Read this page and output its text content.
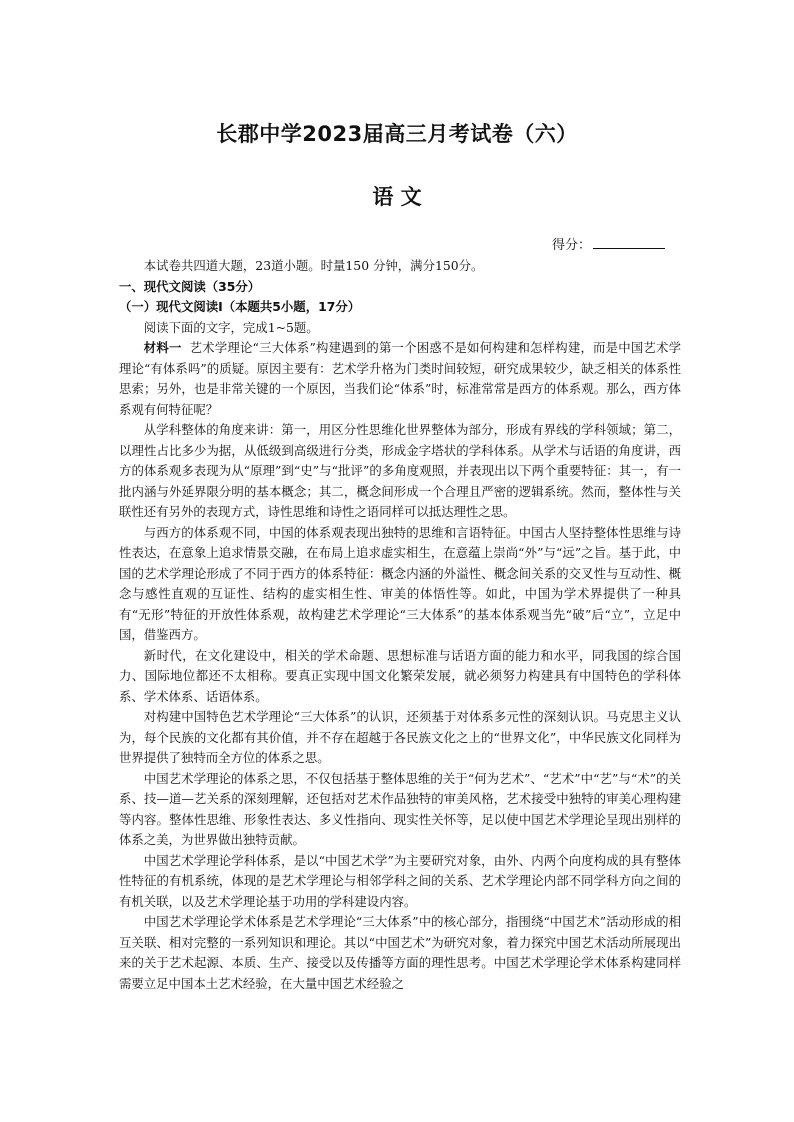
长郡中学2023届高三月考试卷（六）
语 文
得分：

本试卷共四道大题，23道小题。时量150 分钟，满分150分。

一、现代文阅读（35分）

（一）现代文阅读Ⅰ（本题共5小题，17分）

阅读下面的文字，完成1~5题。

材料一 艺术学理论“三大体系”构建遇到的第一个困惑不是如何构建和怎样构建，而是中国艺术学理论“有体系吗”的质疑。原因主要有：艺术学升格为门类时间较短，研究成果较少，缺乏相关的体系性思索；另外，也是非常关键的一个原因，当我们论“体系”时，标准常常是西方的体系观。那么，西方体系观有何特征呢？

从学科整体的角度来讲：第一，用区分性思维化世界整体为部分，形成有界线的学科领域；第二，以理性占比多少为据，从低级到高级进行分类，形成金字塔状的学科体系。从学术与话语的角度讲，西方的体系观多表现为从“原理”到“史”与“批评”的多角度观照，并表现出以下两个重要特征：其一，有一批内涵与外延界限分明的基本概念；其二，概念间形成一个合理且严密的逻辑系统。然而，整体性与关联性还有另外的表现方式，诗性思维和诗性之语同样可以抵达理性之思。

与西方的体系观不同，中国的体系观表现出独特的思维和言语特征。中国古人坚持整体性思维与诗性表达，在意象上追求情景交融，在布局上追求虚实相生，在意蕴上崇尚“外”与“远”之旨。基于此，中国的艺术学理论形成了不同于西方的体系特征：概念内涵的外溢性、概念间关系的交叉性与互动性、概念与感性直观的互证性、结构的虚实相生性、审美的体悟性等。如此，中国为学术界提供了一种具有“无形”特征的开放性体系观，故构建艺术学理论“三大体系”的基本体系观当先“破”后“立”，立足中国，借鉴西方。

新时代，在文化建设中，相关的学术命题、思想标准与话语方面的能力和水平，同我国的综合国力、国际地位都还不太相称。要真正实现中国文化繁荣发展，就必须努力构建具有中国特色的学科体系、学术体系、话语体系。

对构建中国特色艺术学理论“三大体系”的认识，还须基于对体系多元性的深刻认识。马克思主义认为，每个民族的文化都有其价值，并不存在超越于各民族文化之上的“世界文化”，中华民族文化同样为世界提供了独特而全方位的体系之思。

中国艺术学理论的体系之思，不仅包括基于整体思维的关于“何为艺术”、“艺术”中“艺”与“术”的关系、技—道—艺关系的深刻理解，还包括对艺术作品独特的审美风格，艺术接受中独特的审美心理构建等内容。整体性思维、形象性表达、多义性指向、现实性关怀等，足以使中国艺术学理论呈现出别样的体系之美，为世界做出独特贡献。

中国艺术学理论学科体系，是以“中国艺术学”为主要研究对象，由外、内两个向度构成的具有整体性特征的有机系统，体现的是艺术学理论与相邻学科之间的关系、艺术学理论内部不同学科方向之间的有机关联，以及艺术学理论基于功用的学科建设内容。

中国艺术学理论学术体系是艺术学理论“三大体系”中的核心部分，指围绕“中国艺术”活动形成的相互关联、相对完整的一系列知识和理论。其以“中国艺术”为研究对象，着力探究中国艺术活动所展现出来的关于艺术起源、本质、生产、接受以及传播等方面的理性思考。中国艺术学理论学术体系构建同样需要立足中国本土艺术经验，在大量中国艺术经验之
